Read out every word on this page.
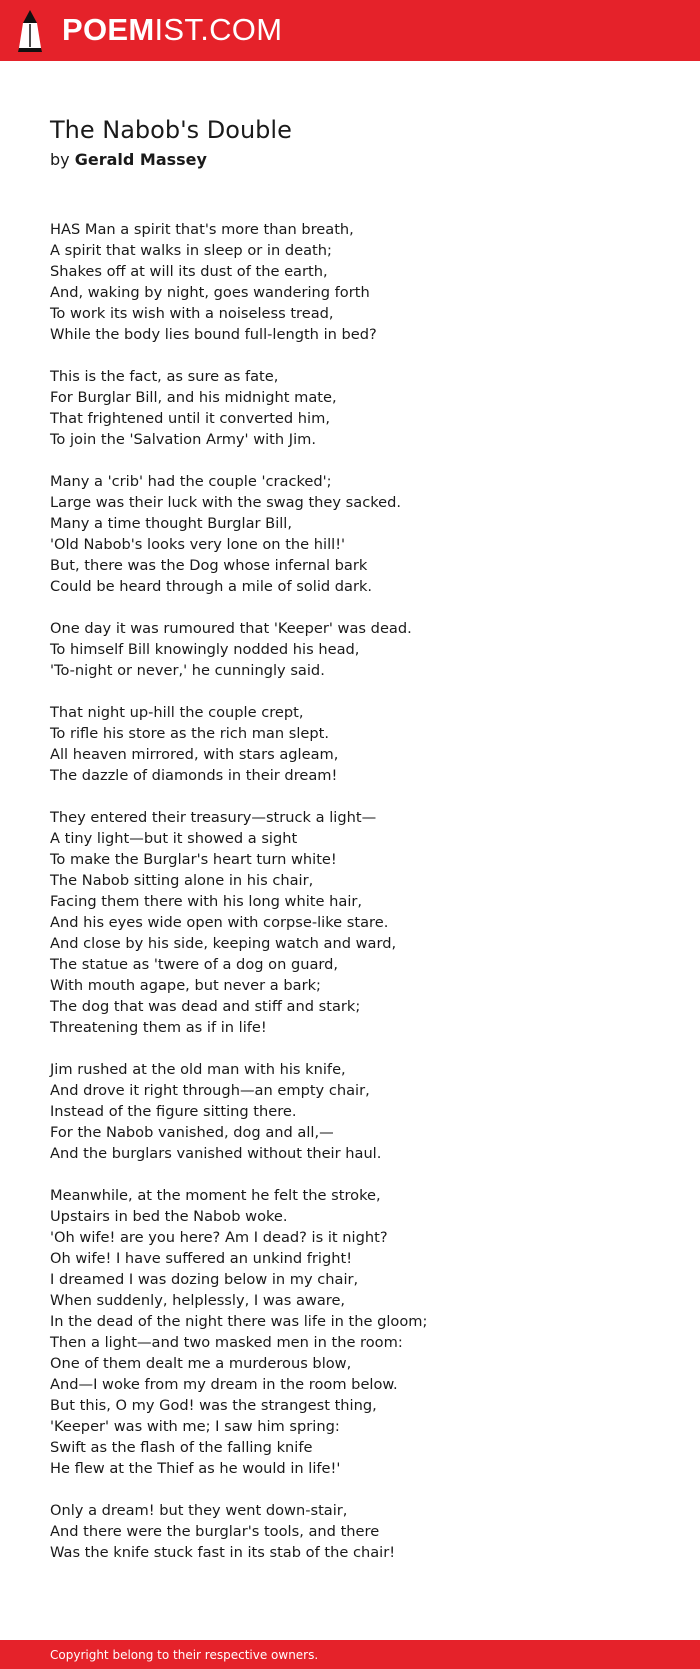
POEMIST.COM
The Nabob's Double
by Gerald Massey
HAS Man a spirit that's more than breath,
A spirit that walks in sleep or in death;
Shakes off at will its dust of the earth,
And, waking by night, goes wandering forth
To work its wish with a noiseless tread,
While the body lies bound full-length in bed?
This is the fact, as sure as fate,
For Burglar Bill, and his midnight mate,
That frightened until it converted him,
To join the 'Salvation Army' with Jim.
Many a 'crib' had the couple 'cracked';
Large was their luck with the swag they sacked.
Many a time thought Burglar Bill,
'Old Nabob's looks very lone on the hill!'
But, there was the Dog whose infernal bark
Could be heard through a mile of solid dark.
One day it was rumoured that 'Keeper' was dead.
To himself Bill knowingly nodded his head,
'To-night or never,' he cunningly said.
That night up-hill the couple crept,
To rifle his store as the rich man slept.
All heaven mirrored, with stars agleam,
The dazzle of diamonds in their dream!
They entered their treasury—struck a light—
A tiny light—but it showed a sight
To make the Burglar's heart turn white!
The Nabob sitting alone in his chair,
Facing them there with his long white hair,
And his eyes wide open with corpse-like stare.
And close by his side, keeping watch and ward,
The statue as 'twere of a dog on guard,
With mouth agape, but never a bark;
The dog that was dead and stiff and stark;
Threatening them as if in life!
Jim rushed at the old man with his knife,
And drove it right through—an empty chair,
Instead of the figure sitting there.
For the Nabob vanished, dog and all,—
And the burglars vanished without their haul.
Meanwhile, at the moment he felt the stroke,
Upstairs in bed the Nabob woke.
'Oh wife! are you here? Am I dead? is it night?
Oh wife! I have suffered an unkind fright!
I dreamed I was dozing below in my chair,
When suddenly, helplessly, I was aware,
In the dead of the night there was life in the gloom;
Then a light—and two masked men in the room:
One of them dealt me a murderous blow,
And—I woke from my dream in the room below.
But this, O my God! was the strangest thing,
'Keeper' was with me; I saw him spring:
Swift as the flash of the falling knife
He flew at the Thief as he would in life!'
Only a dream! but they went down-stair,
And there were the burglar's tools, and there
Was the knife stuck fast in its stab of the chair!
Copyright belong to their respective owners.
